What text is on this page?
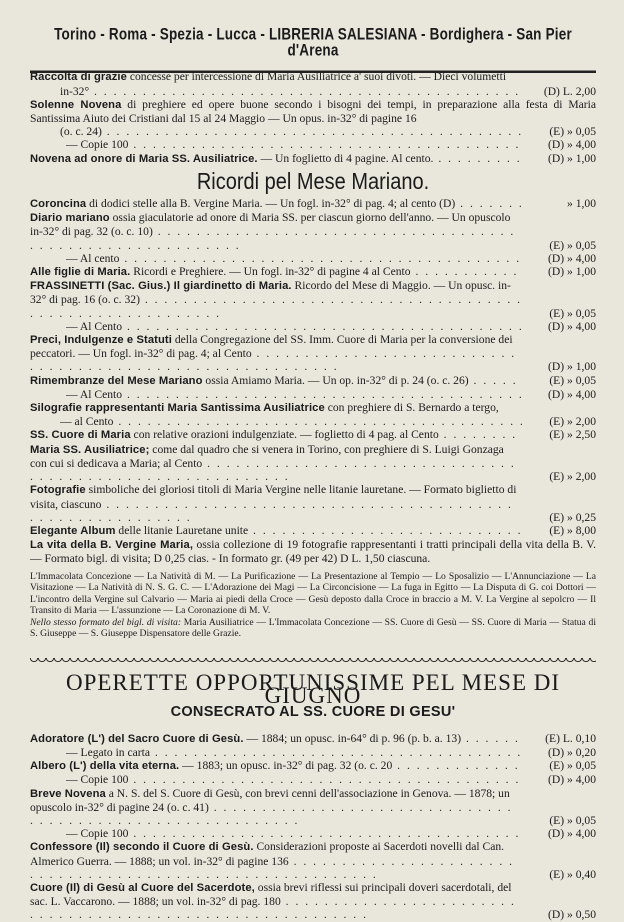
Torino - Roma - Spezia - Lucca - LIBRERIA SALESIANA - Bordighera - San Pier d'Arena
Raccolta di grazie concesse per intercessione di Maria Ausiliatrice a' suoi divoti. — Dieci volumetti
in-32° . . .	(D) L. 2,00
Solenne Novena di preghiere ed opere buone secondo i bisogni dei tempi, in preparazione alla festa di Maria Santissima Aiuto dei Cristiani dal 15 al 24 Maggio — Un opus. in-32° di pagine 16
(o. c. 24) . . .	(E) » 0,05
— Copie 100 . . .	(D) » 4,00
Novena ad onore di Maria SS. Ausiliatrice. — Un foglietto di 4 pagine. Al cento. . . .	(D) » 1,00
Ricordi pel Mese Mariano.
Coroncina di dodici stelle alla B. Vergine Maria. — Un fogl. in-32° di pag. 4; al cento (D) . . .	» 1,00
Diario mariano ossia giaculatorie ad onore di Maria SS. per ciascun giorno dell'anno. — Un opuscolo in-32° di pag. 32 (o. c. 10) . . .
(E) » 0,05
— Al cento . . .	(D) » 4,00
Alle figlie di Maria. Ricordi e Preghiere. — Un fogl. in-32° di pagine 4 al Cento . . .	(D) » 1,00
FRASSINETTI (Sac. Gius.) Il giardinetto di Maria. Ricordo del Mese di Maggio. — Un opusc. in-32° di pag. 16 (o. c. 32) . . .
(E) » 0,05
— Al Cento . . .	(D) » 4,00
Preci, Indulgenze e Statuti della Congregazione del SS. Imm. Cuore di Maria per la conversione dei peccatori. — Un fogl. in-32° di pag. 4; al Cento . . .
(D) » 1,00
Rimembranze del Mese Mariano ossia Amiamo Maria. — Un op. in-32° di p. 24 (o. c. 26) . . .	(E) » 0,05
— Al Cento . . .	(D) » 4,00
Silografie rappresentanti Maria Santissima Ausiliatrice con preghiere di S. Bernardo a tergo,
— al Cento . . .	(E) » 2,00
SS. Cuore di Maria con relative orazioni indulgenziate. — foglietto di 4 pag. al Cento . . .	(E) » 2,50
Maria SS. Ausiliatrice; come dal quadro che si venera in Torino, con preghiere di S. Luigi Gonzaga con cui si dedicava a Maria; al Cento . . .
(E) » 2,00
Fotografie simboliche dei gloriosi titoli di Maria Vergine nelle litanie lauretane. — Formato biglietto di visita, ciascuno . . .
(E) » 0,25
Elegante Album delle litanie Lauretane unite . . .	(E) » 8,00
La vita della B. Vergine Maria, ossia collezione di 19 fotografie rappresentanti i tratti principali della vita della B. V. — Formato bigl. di visita; D 0,25 cias. - In formato gr. (49 per 42) D L. 1,50 ciascuna.
L'Immacolata Concezione — La Natività di M. — La Purificazione — La Presentazione al Tempio — Lo Sposalizio — L'Annunciazione — La Visitazione — La Natività di N. S. G. C. — L'Adorazione dei Magi — La Circoncisione — La fuga in Egitto — La Disputa di G. coi Dottori — L'incontro della Vergine sul Calvario — Maria ai piedi della Croce — Gesù deposto dalla Croce in braccio a M. V. La Vergine al sepolcro — Il Transito di Maria — L'assunzione — La Coronazione di M. V.
Nello stesso formato del bigl. di visita: Maria Ausiliatrice — L'Immacolata Concezione — SS. Cuore di Gesù — SS. Cuore di Maria — Statua di S. Giuseppe — S. Giuseppe Dispensatore delle Grazie.
OPERETTE OPPORTUNISSIME PEL MESE DI GIUGNO
CONSECRATO AL SS. CUORE DI GESU'
Adoratore (L') del Sacro Cuore di Gesù. — 1884; un opusc. in-64° di p. 96 (p. b. a. 13) . . .	(E) L. 0,10
— Legato in carta . . .	(D) » 0,20
Albero (L') della vita eterna. — 1883; un opusc. in-32° di pag. 32 (o. c. 20 . . .	(E) » 0,05
— Copie 100 . . .	(D) » 4,00
Breve Novena a N. S. del S. Cuore di Gesù, con brevi cenni dell'associazione in Genova. — 1878; un opuscolo in-32° di pagine 24 (o. c. 41) . . .
(E) » 0,05
— Copie 100 . . .	(D) » 4,00
Confessore (Il) secondo il Cuore di Gesù. Considerazioni proposte ai Sacerdoti novelli dal Can. Almerico Guerra. — 1888; un vol. in-32° di pagine 136 . . .
(E) » 0,40
Cuore (Il) di Gesù al Cuore del Sacerdote, ossia brevi riflessi sui principali doveri sacerdotali, del sac. L. Vaccarono. — 1888; un vol. in-32° di pag. 180 . . .
(D) » 0,50
